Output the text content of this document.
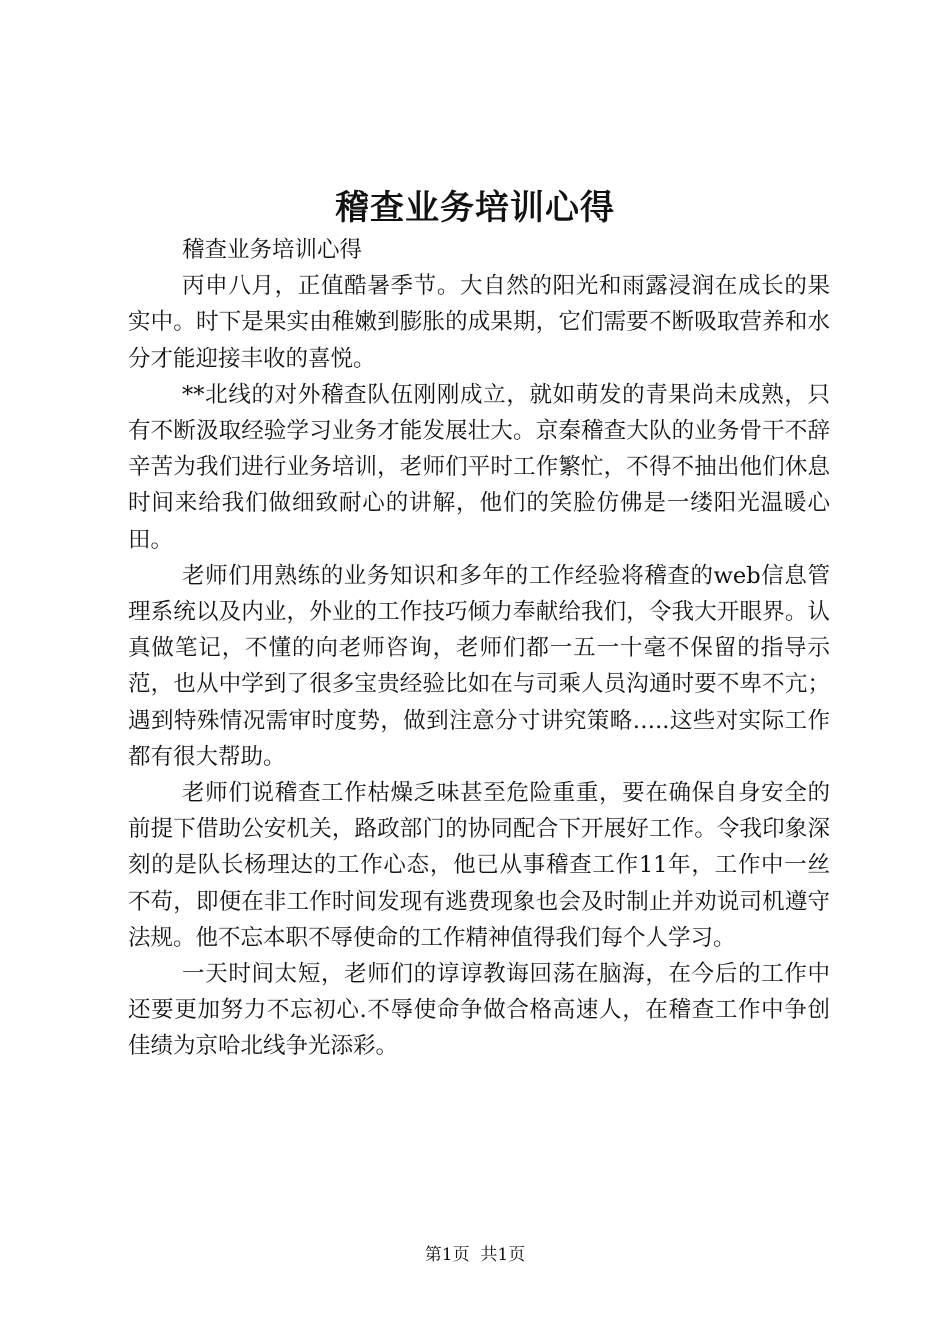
稽查业务培训心得

稽查业务培训心得

丙申八月，正值酷暑季节。大自然的阳光和雨露浸润在成长的果实中。时下是果实由稚嫩到膨胀的成果期，它们需要不断吸取营养和水分才能迎接丰收的喜悦。

**北线的对外稽查队伍刚刚成立，就如萌发的青果尚未成熟，只有不断汲取经验学习业务才能发展壮大。京秦稽查大队的业务骨干不辞辛苦为我们进行业务培训，老师们平时工作繁忙，不得不抽出他们休息时间来给我们做细致耐心的讲解，他们的笑脸仿佛是一缕阳光温暖心田。

老师们用熟练的业务知识和多年的工作经验将稽查的web信息管理系统以及内业，外业的工作技巧倾力奉献给我们，令我大开眼界。认真做笔记，不懂的向老师咨询，老师们都一五一十毫不保留的指导示范，也从中学到了很多宝贵经验比如在与司乘人员沟通时要不卑不亢；遇到特殊情况需审时度势，做到注意分寸讲究策略…..这些对实际工作都有很大帮助。

老师们说稽查工作枯燥乏味甚至危险重重，要在确保自身安全的前提下借助公安机关，路政部门的协同配合下开展好工作。令我印象深刻的是队长杨理达的工作心态，他已从事稽查工作11年，工作中一丝不苟，即便在非工作时间发现有逃费现象也会及时制止并劝说司机遵守法规。他不忘本职不辱使命的工作精神值得我们每个人学习。

一天时间太短，老师们的谆谆教诲回荡在脑海，在今后的工作中还要更加努力不忘初心.不辱使命争做合格高速人，在稽查工作中争创佳绩为京哈北线争光添彩。

第1页 共1页
